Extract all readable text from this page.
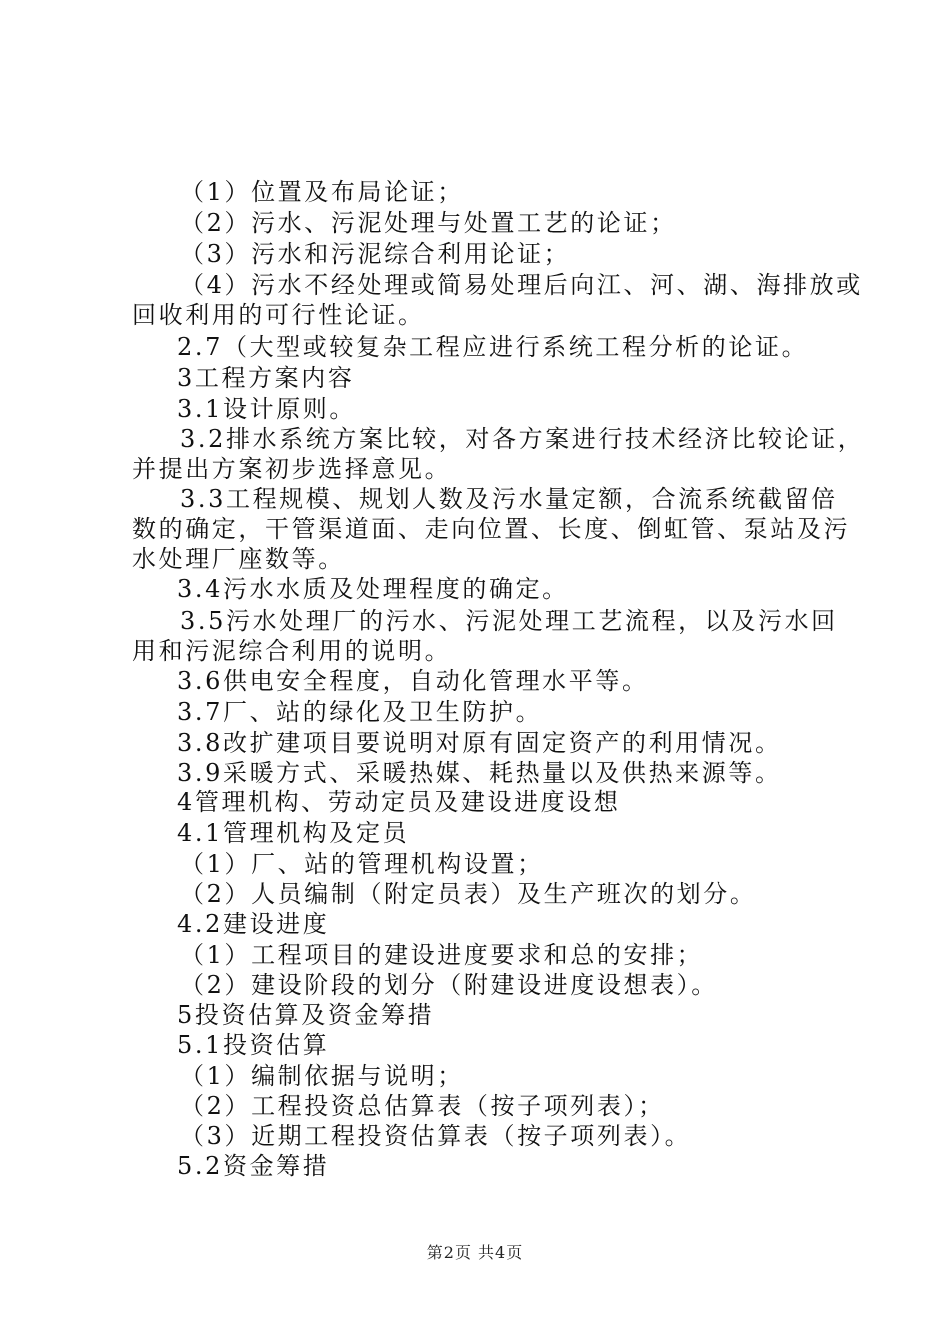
（1）位置及布局论证；
（2）污水、污泥处理与处置工艺的论证；
（3）污水和污泥综合利用论证；
（4）污水不经处理或简易处理后向江、河、湖、海排放或
回收利用的可行性论证。
2.7（大型或较复杂工程应进行系统工程分析的论证。
3工程方案内容
3.1设计原则。
3.2排水系统方案比较，对各方案进行技术经济比较论证，
并提出方案初步选择意见。
3.3工程规模、规划人数及污水量定额，合流系统截留倍
数的确定，干管渠道面、走向位置、长度、倒虹管、泵站及污
水处理厂座数等。
3.4污水水质及处理程度的确定。
3.5污水处理厂的污水、污泥处理工艺流程，以及污水回
用和污泥综合利用的说明。
3.6供电安全程度，自动化管理水平等。
3.7厂、站的绿化及卫生防护。
3.8改扩建项目要说明对原有固定资产的利用情况。
3.9采暖方式、采暖热媒、耗热量以及供热来源等。
4管理机构、劳动定员及建设进度设想
4.1管理机构及定员
（1）厂、站的管理机构设置；
（2）人员编制（附定员表）及生产班次的划分。
4.2建设进度
（1）工程项目的建设进度要求和总的安排；
（2）建设阶段的划分（附建设进度设想表）。
5投资估算及资金筹措
5.1投资估算
（1）编制依据与说明；
（2）工程投资总估算表（按子项列表）；
（3）近期工程投资估算表（按子项列表）。
5.2资金筹措
第2页 共4页
